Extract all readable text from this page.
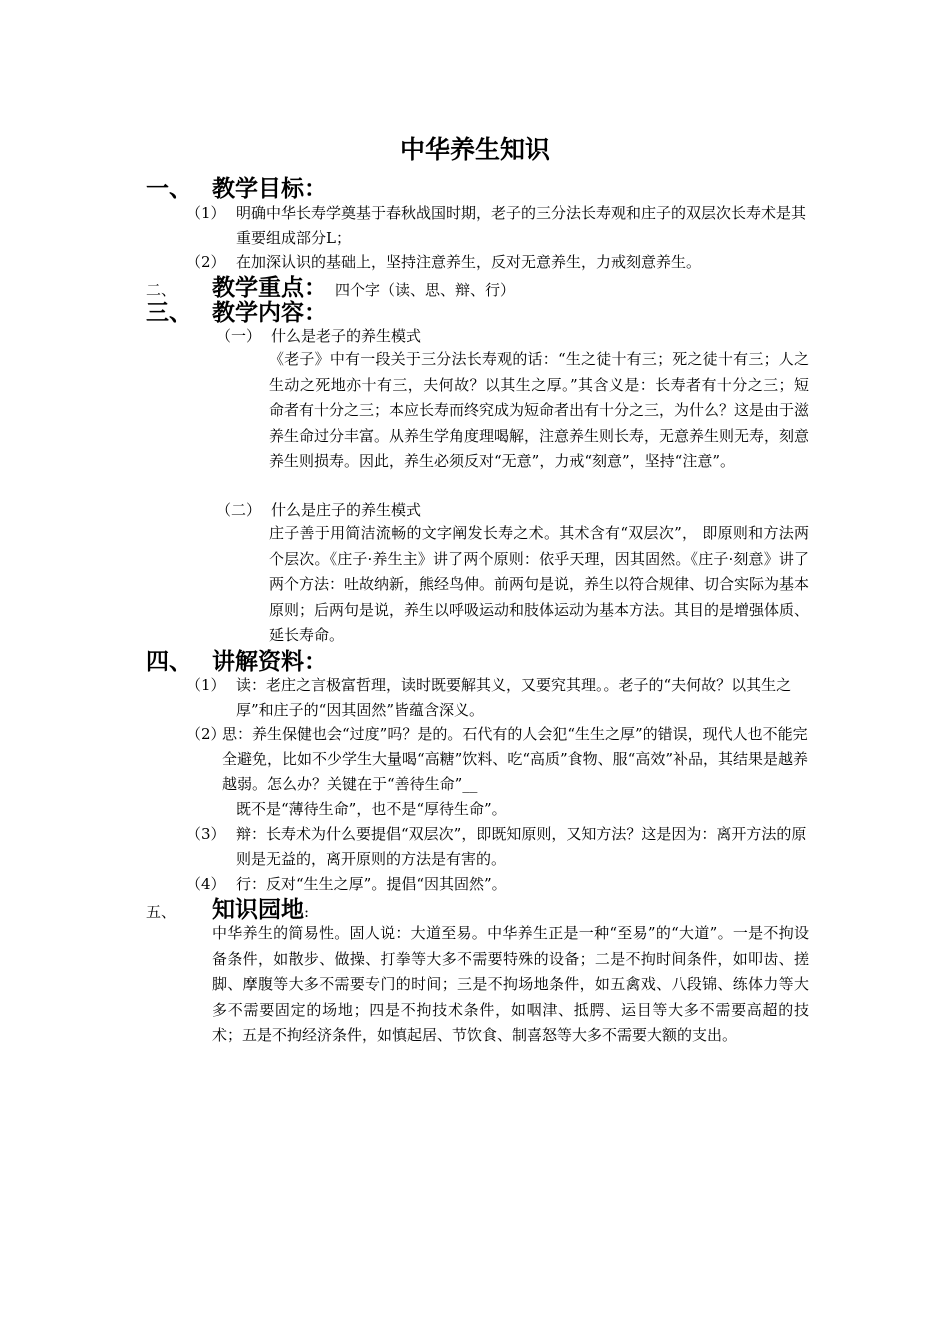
中华养生知识
一、 教学目标：
（1） 明确中华长寿学奠基于春秋战国时期，老子的三分法长寿观和庄子的双层次长寿术是其重要组成部分L；
（2） 在加深认识的基础上，坚持注意养生，反对无意养生，力戒刻意养生。
二、 教学重点： 四个字（读、思、辩、行）
三、 教学内容：
（一） 什么是老子的养生模式
《老子》中有一段关于三分法长寿观的话：“生之徒十有三；死之徒十有三；人之生动之死地亦十有三，夫何故？以其生之厚。”其含义是：长寿者有十分之三；短命者有十分之三；本应长寿而终究成为短命者出有十分之三，为什么？这是由于滋养生命过分丰富。从养生学角度理喝解，注意养生则长寿，无意养生则无寿，刻意养生则损寿。因此，养生必须反对“无意”，力戒“刻意”，坚持“注意”。
（二） 什么是庄子的养生模式
庄子善于用简洁流畅的文字阐发长寿之术。其术含有“双层次”， 即原则和方法两个层次。《庄子·养生主》讲了两个原则：依乎天理，因其固然。《庄子·刻意》讲了两个方法：吐故纳新，熊经鸟伸。前两句是说，养生以符合规律、切合实际为基本原则；后两句是说，养生以呼吸运动和肢体运动为基本方法。其目的是增强体质、延长寿命。
四、 讲解资料：
（1） 读：老庄之言极富哲理，读时既要解其义，又要究其理。。老子的“夫何故？以其生之厚”和庄子的“因其固然”皆蕴含深义。
（2）
思：养生保健也会“过度”吗？是的。石代有的人会犯“生生之厚”的错误，现代人也不能完全避免，比如不少学生大量喝“高糖”饮料、吃“高质”食物、服“高效”补品，其结果是越养越弱。怎么办？关键在于“善待生命”__
既不是“薄待生命”，也不是“厚待生命”。
（3） 辩：长寿术为什么要提倡“双层次”，即既知原则，又知方法？这是因为：离开方法的原则是无益的，离开原则的方法是有害的。
（4） 行：反对“生生之厚”。提倡“因其固然”。
五、 知识园地:
中华养生的简易性。固人说：大道至易。中华养生正是一种“至易”的“大道”。一是不拘设备条件，如散步、做操、打拳等大多不需要特殊的设备；二是不拘时间条件，如叩齿、搓脚、摩腹等大多不需要专门的时间；三是不拘场地条件，如五禽戏、八段锦、练体力等大多不需要固定的场地；四是不拘技术条件，如咽津、抵腭、运目等大多不需要高超的技术；五是不拘经济条件，如慎起居、节饮食、制喜怒等大多不需要大额的支出。
